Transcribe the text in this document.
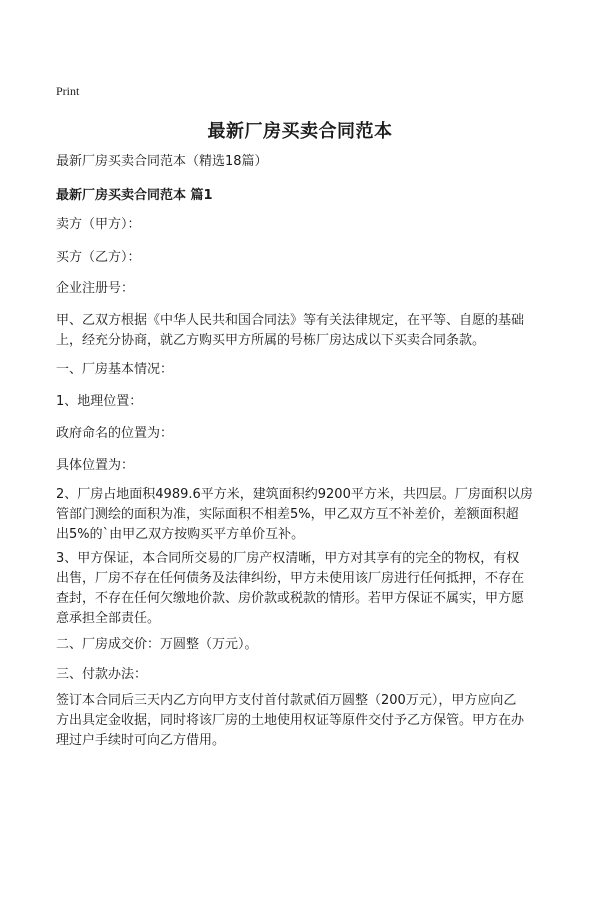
Print
最新厂房买卖合同范本
最新厂房买卖合同范本（精选18篇）
最新厂房买卖合同范本 篇1
卖方（甲方）：
买方（乙方）：
企业注册号：
甲、乙双方根据《中华人民共和国合同法》等有关法律规定，在平等、自愿的基础
上，经充分协商，就乙方购买甲方所属的号栋厂房达成以下买卖合同条款。
一、厂房基本情况：
1、地理位置：
政府命名的位置为：
具体位置为：
2、厂房占地面积4989.6平方米，建筑面积约9200平方米，共四层。厂房面积以房
管部门测绘的面积为准，实际面积不相差5%，甲乙双方互不补差价，差额面积超
出5%的`由甲乙双方按购买平方单价互补。
3、甲方保证，本合同所交易的厂房产权清晰，甲方对其享有的完全的物权，有权
出售，厂房不存在任何债务及法律纠纷，甲方未使用该厂房进行任何抵押，不存在
查封，不存在任何欠缴地价款、房价款或税款的情形。若甲方保证不属实，甲方愿
意承担全部责任。
二、厂房成交价：万圆整（万元）。
三、付款办法：
签订本合同后三天内乙方向甲方支付首付款贰佰万圆整（200万元），甲方应向乙
方出具定金收据，同时将该厂房的土地使用权证等原件交付予乙方保管。甲方在办
理过户手续时可向乙方借用。
